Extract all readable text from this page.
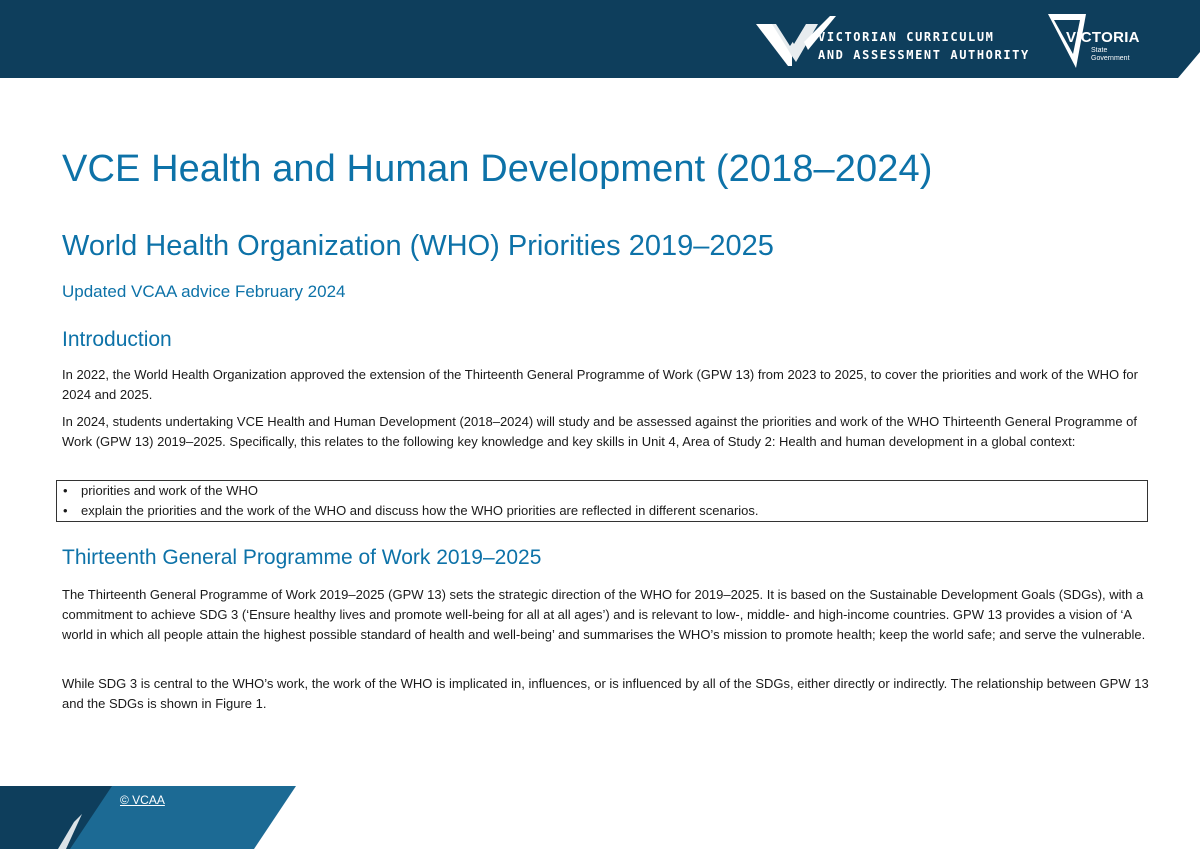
VICTORIAN CURRICULUM
AND ASSESSMENT AUTHORITY
VICTORIA
State
Government
VCE Health and Human Development (2018–2024)
World Health Organization (WHO) Priorities 2019–2025
Updated VCAA advice February 2024
Introduction

In 2022, the World Health Organization approved the extension of the Thirteenth General Programme of Work (GPW 13) from 2023 to 2025, to cover the priorities and work of the WHO for 2024 and 2025.

In 2024, students undertaking VCE Health and Human Development (2018–2024) will study and be assessed against the priorities and work of the WHO Thirteenth General Programme of Work (GPW 13) 2019–2025. Specifically, this relates to the following key knowledge and key skills in Unit 4, Area of Study 2: Health and human development in a global context:

• priorities and work of the WHO
• explain the priorities and the work of the WHO and discuss how the WHO priorities are reflected in different scenarios.
Thirteenth General Programme of Work 2019–2025

The Thirteenth General Programme of Work 2019–2025 (GPW 13) sets the strategic direction of the WHO for 2019–2025. It is based on the Sustainable Development Goals (SDGs), with a commitment to achieve SDG 3 (‘Ensure healthy lives and promote well-being for all at all ages’) and is relevant to low-, middle- and high-income countries. GPW 13 provides a vision of ‘A world in which all people attain the highest possible standard of health and well-being’ and summarises the WHO’s mission to promote health; keep the world safe; and serve the vulnerable.

While SDG 3 is central to the WHO’s work, the work of the WHO is implicated in, influences, or is influenced by all of the SDGs, either directly or indirectly. The relationship between GPW 13 and the SDGs is shown in Figure 1.

© VCAA
